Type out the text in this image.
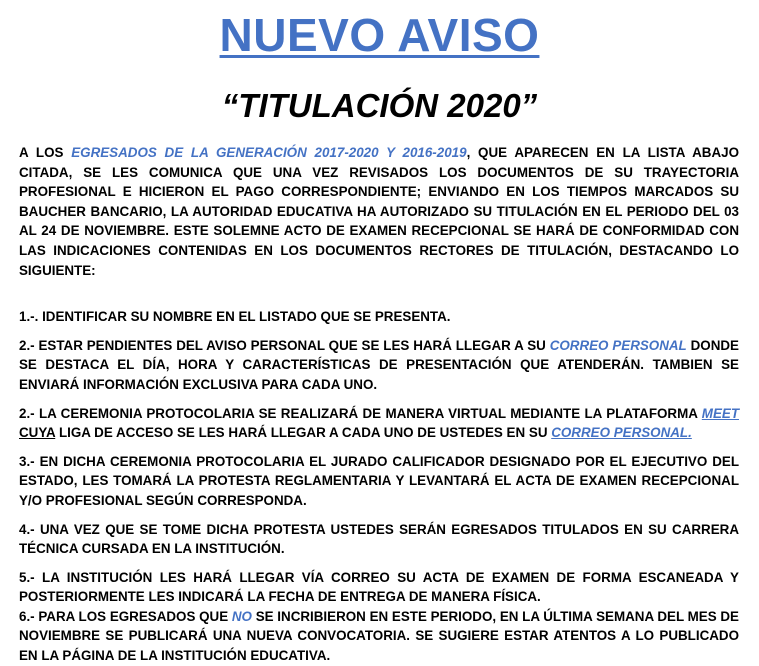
NUEVO AVISO
“TITULACIÓN 2020”

A LOS EGRESADOS DE LA GENERACIÓN 2017-2020 Y 2016-2019, QUE APARECEN EN LA LISTA ABAJO CITADA, SE LES COMUNICA QUE UNA VEZ REVISADOS LOS DOCUMENTOS DE SU TRAYECTORIA PROFESIONAL E HICIERON EL PAGO CORRESPONDIENTE; ENVIANDO EN LOS TIEMPOS MARCADOS SU BAUCHER BANCARIO, LA AUTORIDAD EDUCATIVA HA AUTORIZADO SU TITULACIÓN EN EL PERIODO DEL 03 AL 24 DE NOVIEMBRE. ESTE SOLEMNE ACTO DE EXAMEN RECEPCIONAL SE HARÁ DE CONFORMIDAD CON LAS INDICACIONES CONTENIDAS EN LOS DOCUMENTOS RECTORES DE TITULACIÓN, DESTACANDO LO SIGUIENTE:

1.-. IDENTIFICAR SU NOMBRE EN EL LISTADO QUE SE PRESENTA.

2.- ESTAR PENDIENTES DEL AVISO PERSONAL QUE SE LES HARÁ LLEGAR A SU CORREO PERSONAL DONDE SE DESTACA EL DÍA, HORA Y CARACTERÍSTICAS DE PRESENTACIÓN QUE ATENDERÁN. TAMBIEN SE ENVIARÁ INFORMACIÓN EXCLUSIVA PARA CADA UNO.

2.- LA CEREMONIA PROTOCOLARIA SE REALIZARÁ DE MANERA VIRTUAL MEDIANTE LA PLATAFORMA MEET CUYA LIGA DE ACCESO SE LES HARÁ LLEGAR A CADA UNO DE USTEDES EN SU CORREO PERSONAL.

3.- EN DICHA CEREMONIA PROTOCOLARIA EL JURADO CALIFICADOR DESIGNADO POR EL EJECUTIVO DEL ESTADO, LES TOMARÁ LA PROTESTA REGLAMENTARIA Y LEVANTARÁ EL ACTA DE EXAMEN RECEPCIONAL Y/O PROFESIONAL SEGÚN CORRESPONDA.

4.- UNA VEZ QUE SE TOME DICHA PROTESTA USTEDES SERÁN EGRESADOS TITULADOS EN SU CARRERA TÉCNICA CURSADA EN LA INSTITUCIÓN.

5.- LA INSTITUCIÓN LES HARÁ LLEGAR VÍA CORREO SU ACTA DE EXAMEN DE FORMA ESCANEADA Y POSTERIORMENTE LES INDICARÁ LA FECHA DE ENTREGA DE MANERA FÍSICA.

6.- PARA LOS EGRESADOS QUE NO SE INCRIBIERON EN ESTE PERIODO, EN LA ÚLTIMA SEMANA DEL MES DE NOVIEMBRE SE PUBLICARÁ UNA NUEVA CONVOCATORIA. SE SUGIERE ESTAR ATENTOS A LO PUBLICADO EN LA PÁGINA DE LA INSTITUCIÓN EDUCATIVA.
